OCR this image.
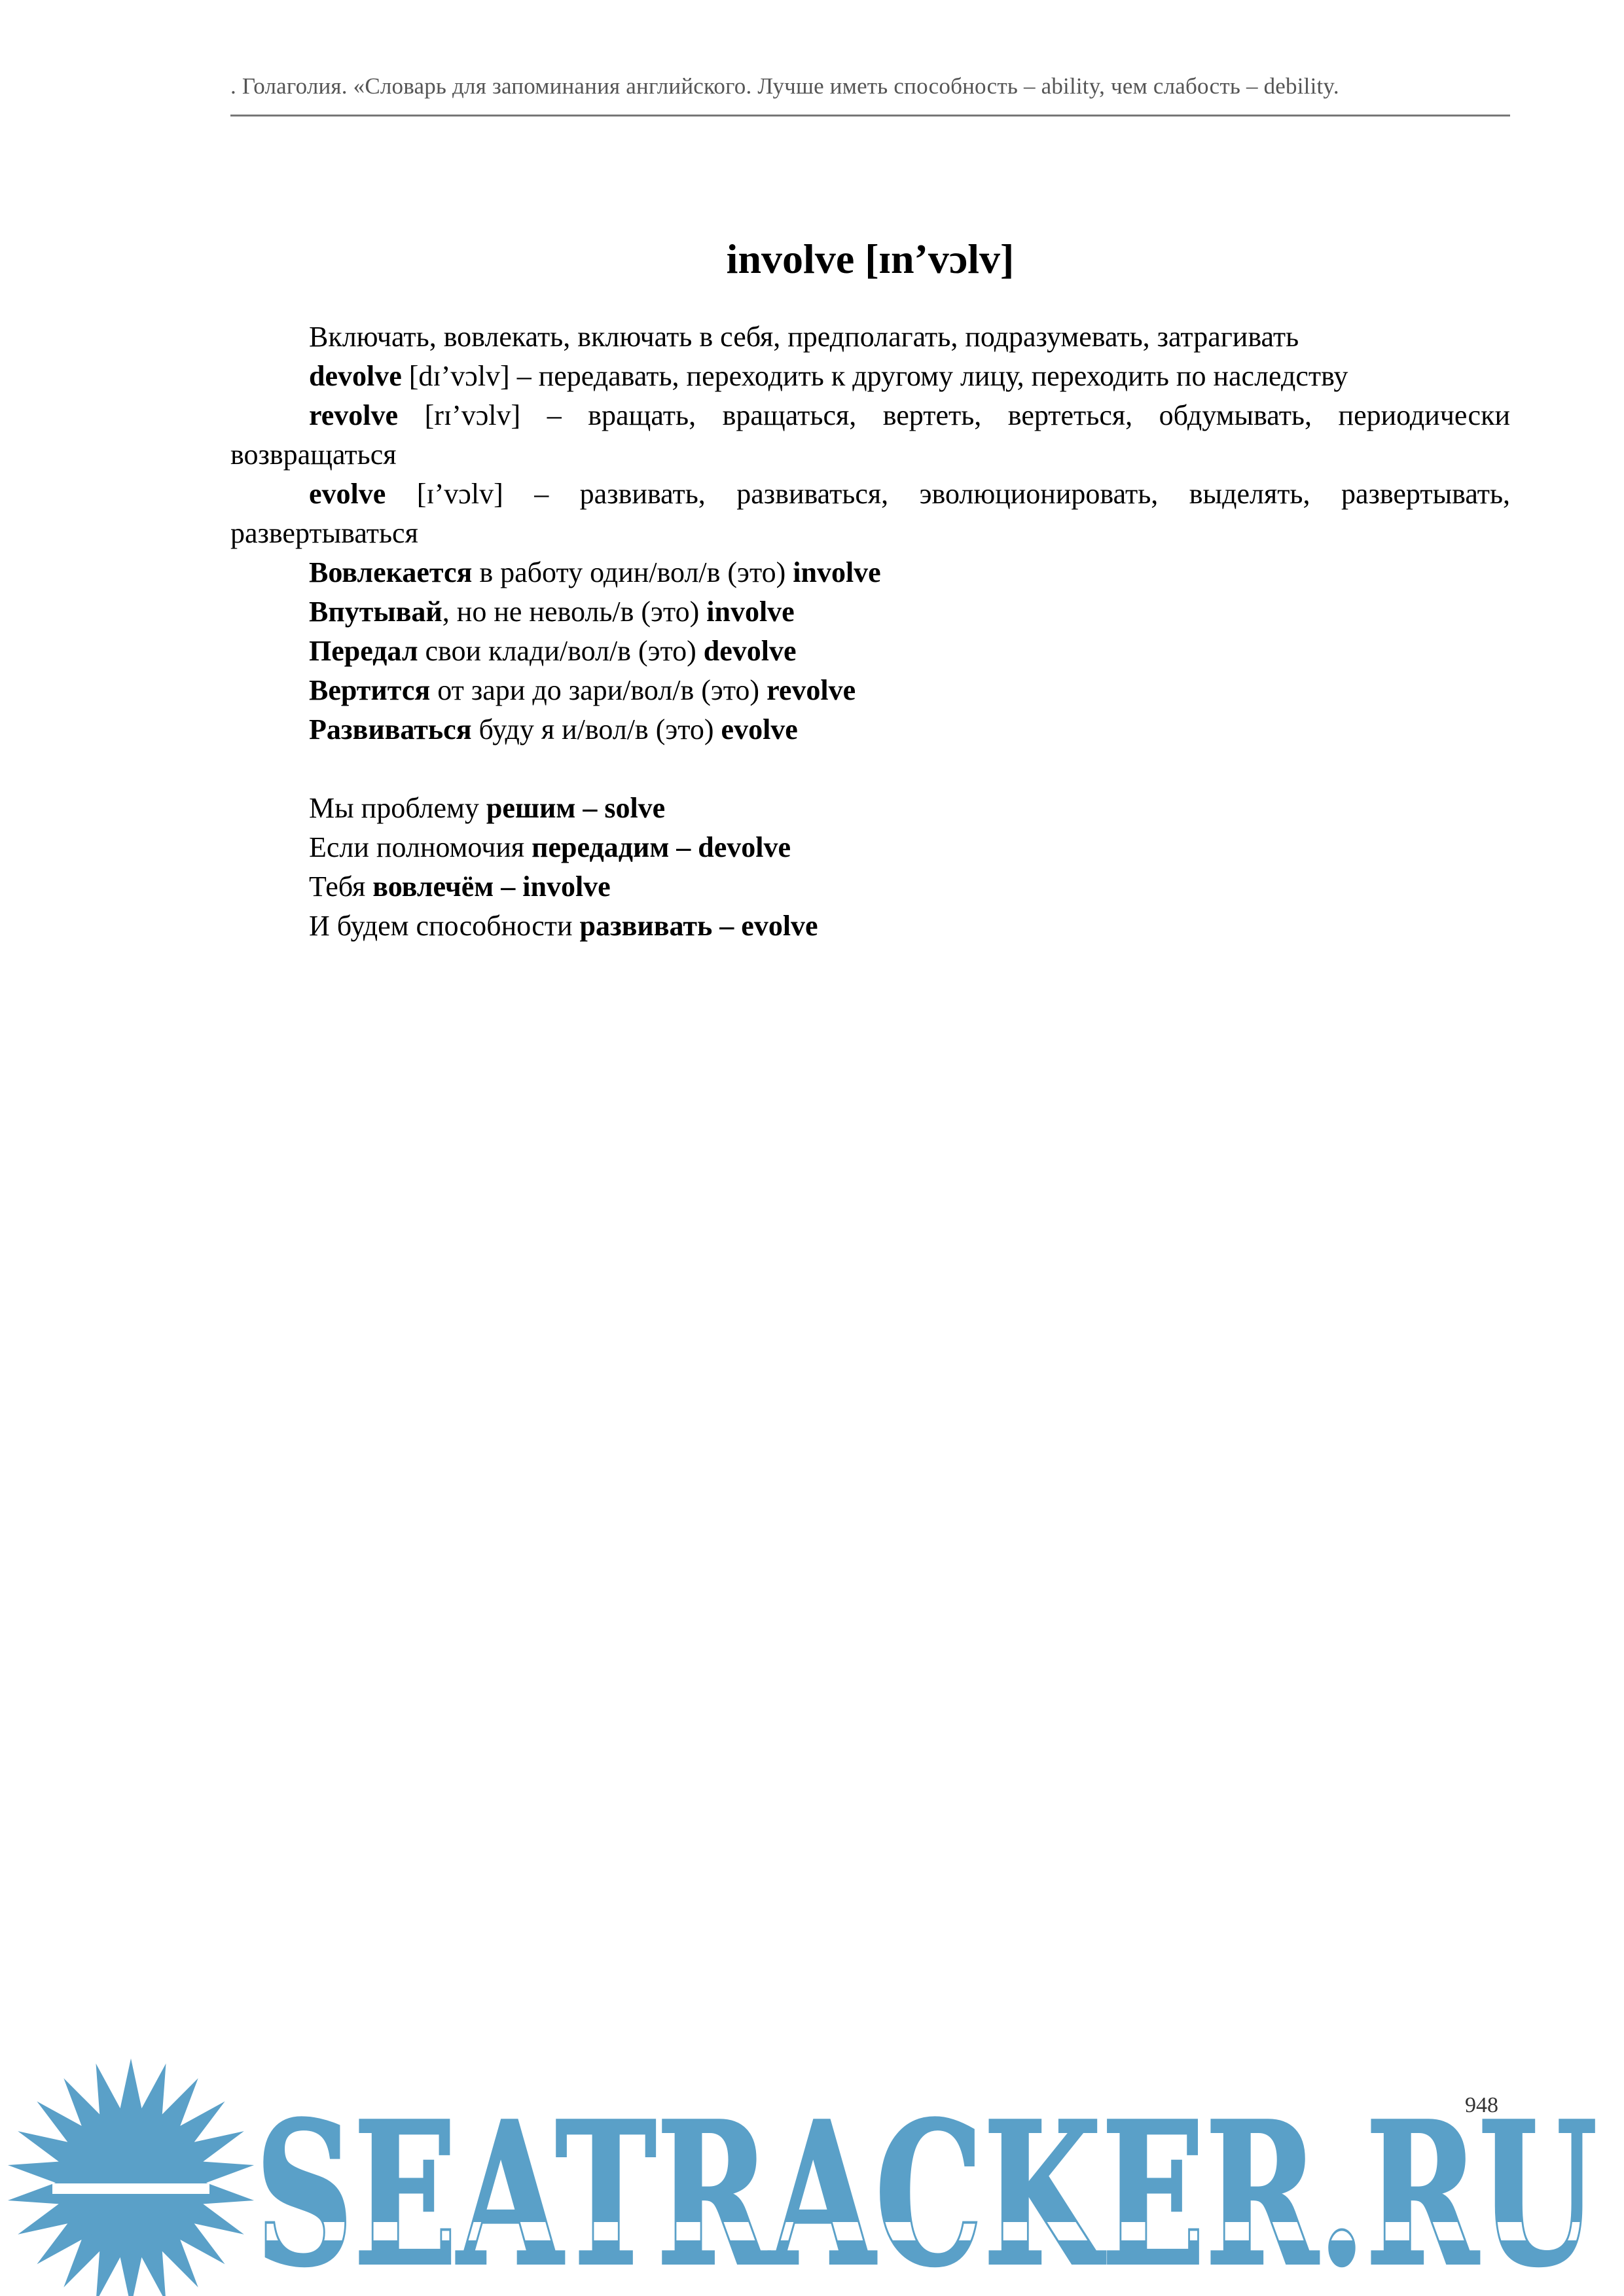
. Голаголия. «Словарь для запоминания английского. Лучше иметь способность – ability, чем слабость – debility.
involve [ɪn’vɔlv]

Включать, вовлекать, включать в себя, предполагать, подразумевать, затрагивать

devolve [dɪ’vɔlv] – передавать, переходить к другому лицу, переходить по наследству

revolve [rɪ’vɔlv] – вращать, вращаться, вертеть, вертеться, обдумывать, периодически возвращаться

evolve [ɪ’vɔlv] – развивать, развиваться, эволюционировать, выделять, развертывать, развертываться

Вовлекается в работу один/вол/в (это) involve

Впутывай, но не неволь/в (это) involve

Передал свои клади/вол/в (это) devolve

Вертится от зари до зари/вол/в (это) revolve

Развиваться буду я и/вол/в (это) evolve

Мы проблему решим – solve

Если полномочия передадим – devolve

Тебя вовлечём – involve

И будем способности развивать – evolve

SEATRACKER.RU
948
